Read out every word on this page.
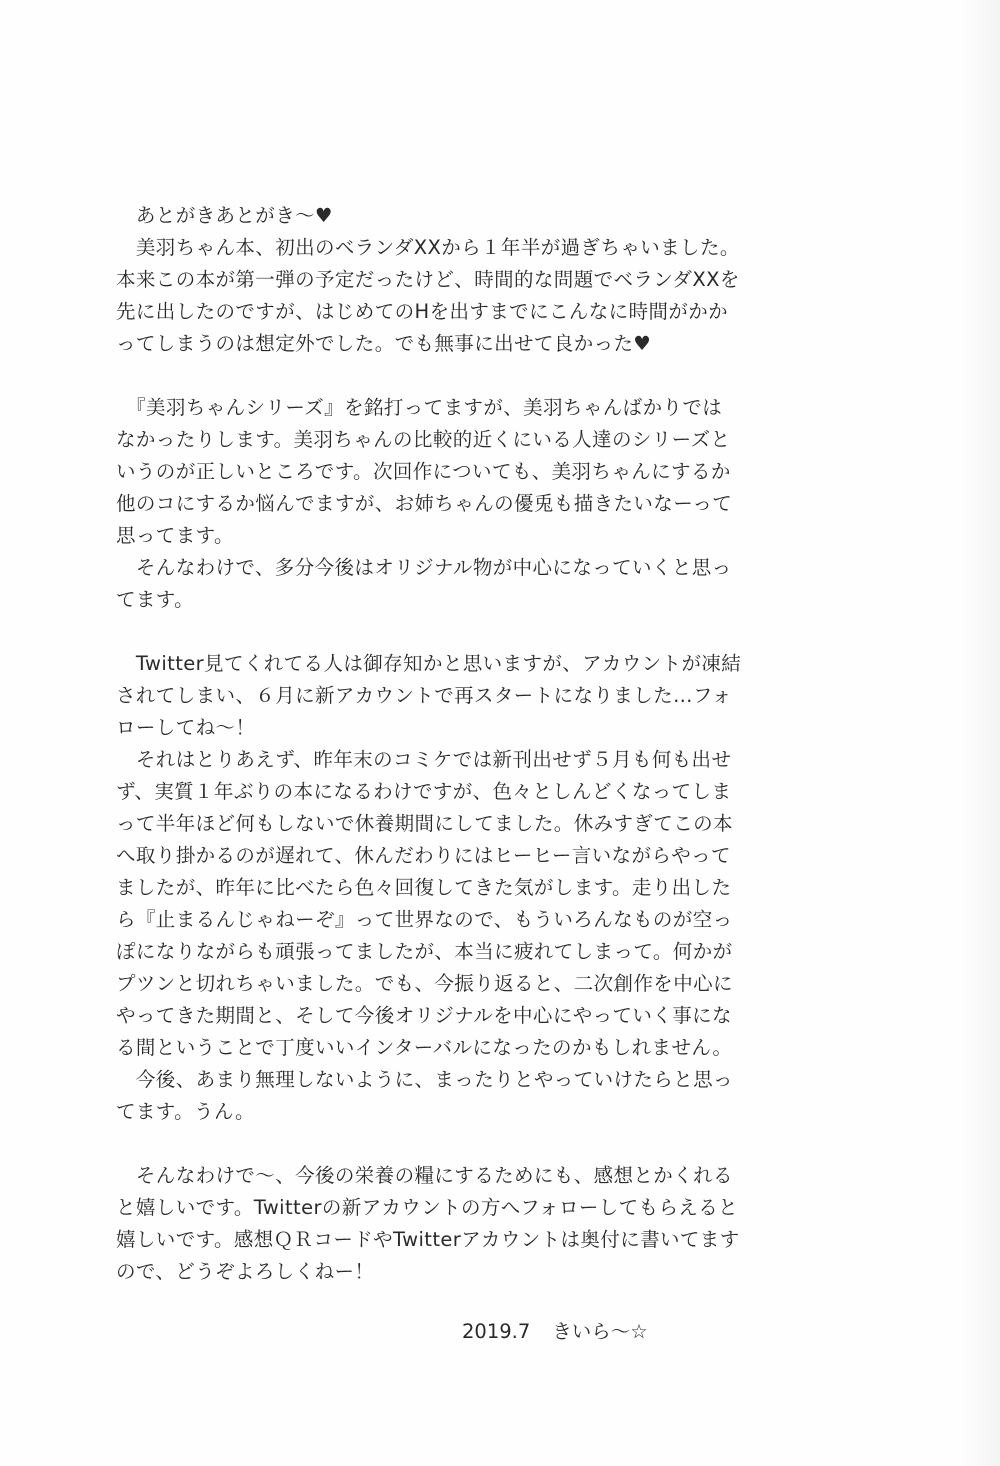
　あとがきあとがき～♥
　美羽ちゃん本、初出のベランダXXから１年半が過ぎちゃいました。
本来この本が第一弾の予定だったけど、時間的な問題でベランダXXを
先に出したのですが、はじめてのHを出すまでにこんなに時間がかか
ってしまうのは想定外でした。でも無事に出せて良かった♥
　『美羽ちゃんシリーズ』を銘打ってますが、美羽ちゃんばかりでは
なかったりします。美羽ちゃんの比較的近くにいる人達のシリーズと
いうのが正しいところです。次回作についても、美羽ちゃんにするか
他のコにするか悩んでますが、お姉ちゃんの優兎も描きたいなーって
思ってます。
　そんなわけで、多分今後はオリジナル物が中心になっていくと思っ
てます。
　Twitter見てくれてる人は御存知かと思いますが、アカウントが凍結
されてしまい、６月に新アカウントで再スタートになりました…フォ
ローしてね～！
　それはとりあえず、昨年末のコミケでは新刊出せず５月も何も出せ
ず、実質１年ぶりの本になるわけですが、色々としんどくなってしま
って半年ほど何もしないで休養期間にしてました。休みすぎてこの本
へ取り掛かるのが遅れて、休んだわりにはヒーヒー言いながらやって
ましたが、昨年に比べたら色々回復してきた気がします。走り出した
ら『止まるんじゃねーぞ』って世界なので、もういろんなものが空っ
ぽになりながらも頑張ってましたが、本当に疲れてしまって。何かが
プツンと切れちゃいました。でも、今振り返ると、二次創作を中心に
やってきた期間と、そして今後オリジナルを中心にやっていく事にな
る間ということで丁度いいインターバルになったのかもしれません。
　今後、あまり無理しないように、まったりとやっていけたらと思っ
てます。うん。
　そんなわけで～、今後の栄養の糧にするためにも、感想とかくれる
と嬉しいです。Twitterの新アカウントの方へフォローしてもらえると
嬉しいです。感想ＱＲコードやTwitterアカウントは奥付に書いてます
ので、どうぞよろしくねー！
2019.7 きいら～☆
